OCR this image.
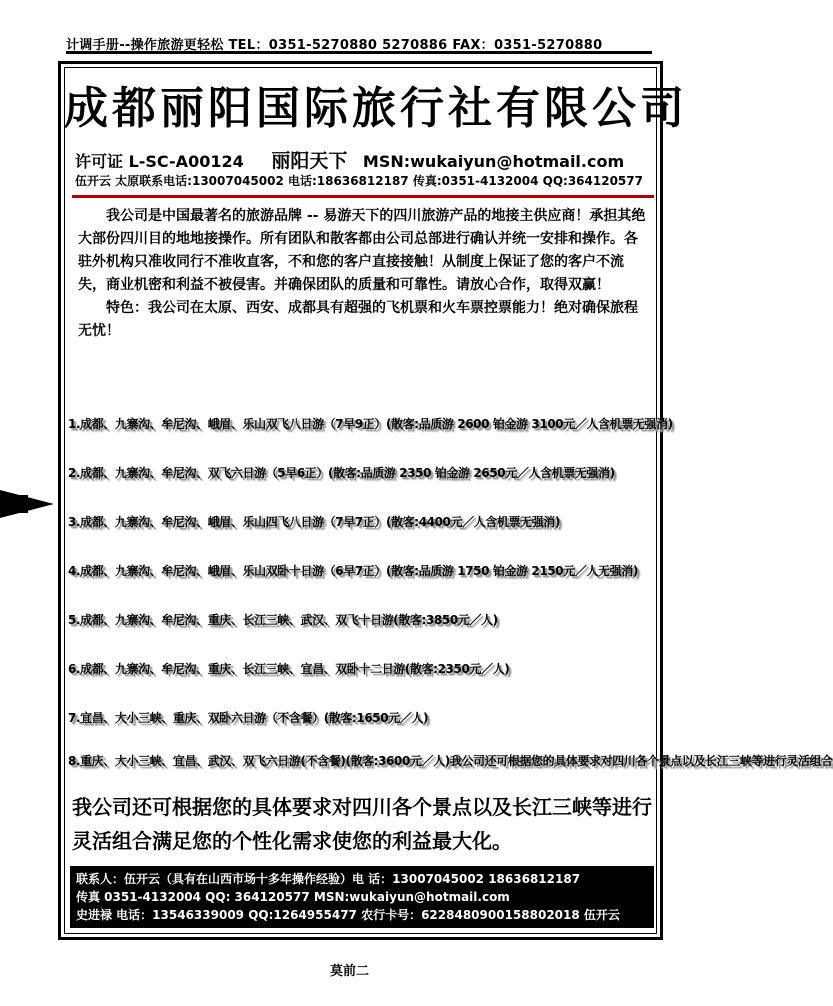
计调手册--操作旅游更轻松 TEL：0351-5270880 5270886 FAX：0351-5270880
成都丽阳国际旅行社有限公司
许可证 L-SC-A00124 丽阳天下 MSN:wukaiyun@hotmail.com
伍开云 太原联系电话:13007045002 电话:18636812187 传真:0351-4132004 QQ:364120577

我公司是中国最著名的旅游品牌 -- 易游天下的四川旅游产品的地接主供应商！承担其绝大部份四川目的地地接操作。所有团队和散客都由公司总部进行确认并统一安排和操作。各驻外机构只准收同行不准收直客，不和您的客户直接接触！从制度上保证了您的客户不流失，商业机密和利益不被侵害。并确保团队的质量和可靠性。请放心合作，取得双赢！

特色：我公司在太原、西安、成都具有超强的飞机票和火车票控票能力！绝对确保旅程无忧！

1.成都、九寨沟、牟尼沟、峨眉、乐山双飞八日游（7早9正）(散客:品质游 2600 铂金游 3100元／人含机票无强消)
2.成都、九寨沟、牟尼沟、双飞六日游（5早6正）(散客:品质游 2350 铂金游 2650元／人含机票无强消)
3.成都、九寨沟、牟尼沟、峨眉、乐山四飞八日游（7早7正）(散客:4400元／人含机票无强消)
4.成都、九寨沟、牟尼沟、峨眉、乐山双卧十日游（6早7正）(散客:品质游 1750 铂金游 2150元／人无强消)
5.成都、九寨沟、牟尼沟、重庆、长江三峡、武汉、双飞十日游(散客:3850元／人)
6.成都、九寨沟、牟尼沟、重庆、长江三峡、宜昌、双卧十二日游(散客:2350元／人)
7.宜昌、大小三峡、重庆、双卧六日游（不含餐）(散客:1650元／人)
8.重庆、大小三峡、宜昌、武汉、双飞六日游(不含餐)(散客:3600元／人)我公司还可根据您的具体要求对四川各个景点以及长江三峡等进行灵活组合
我公司还可根据您的具体要求对四川各个景点以及长江三峡等进行灵活组合满足您的个性化需求使您的利益最大化。
联系人：伍开云（具有在山西市场十多年操作经验）电 话：13007045002 18636812187
传真 0351-4132004 QQ: 364120577 MSN:wukaiyun@hotmail.com
史进禄 电话：13546339009 QQ:1264955477 农行卡号：6228480900158802018 伍开云
莫前二
